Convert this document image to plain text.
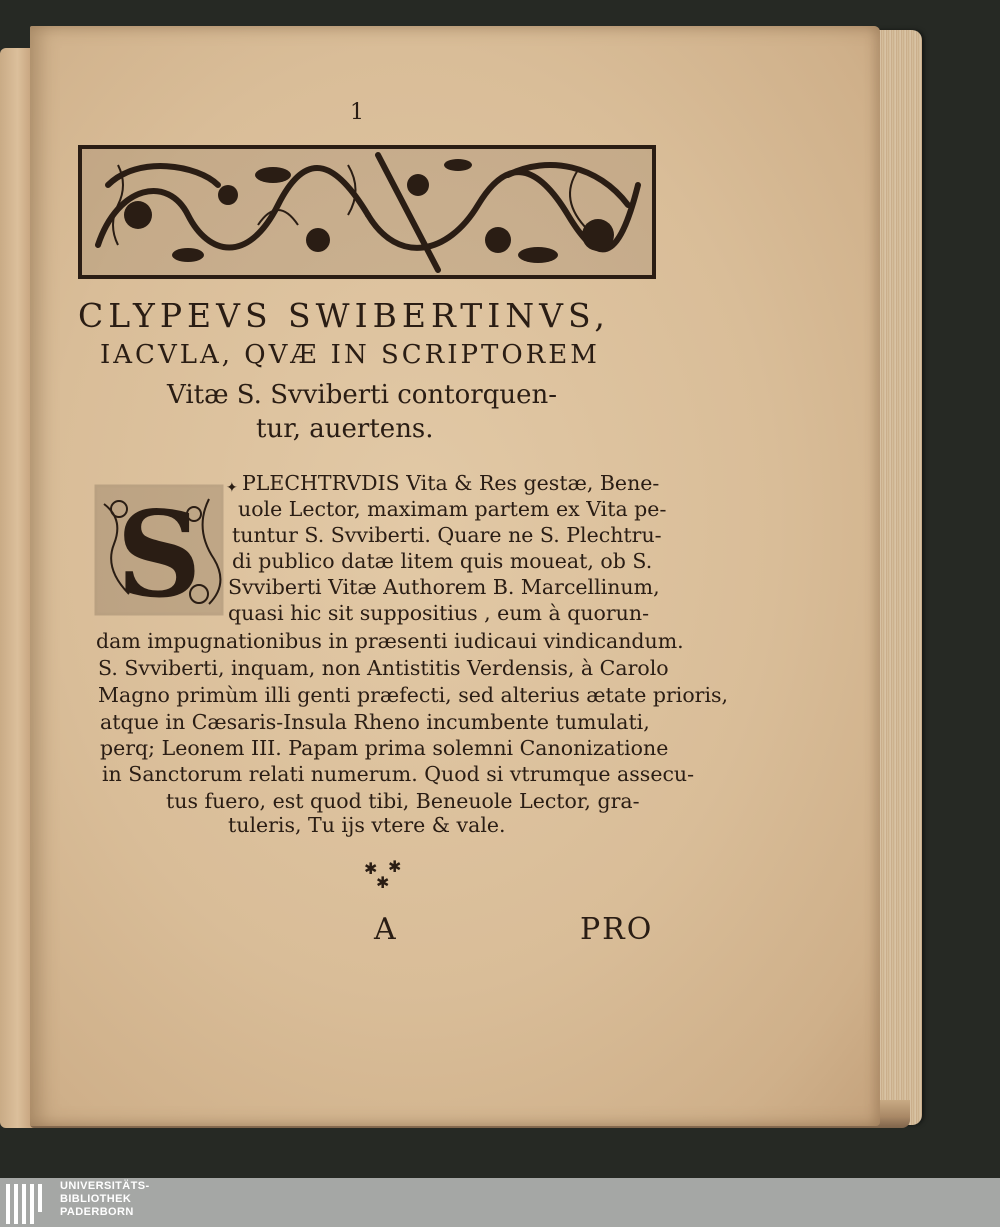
1
CLYPEVS SWIBERTINVS,
IACVLA, QVÆ IN SCRIPTOREM
Vitæ S. Svviberti contorquen-
tur, auertens.
S ✦ PLECHTRVDIS Vita & Res gestæ, Bene-
uole Lector, maximam partem ex Vita pe-
tuntur S. Svviberti. Quare ne S. Plechtru-
di publico datæ litem quis moueat, ob S.
Svviberti Vitæ Authorem B. Marcellinum,
quasi hic sit suppositius , eum à quorun-
dam impugnationibus in præsenti iudicaui vindicandum.
S. Svviberti, inquam, non Antistitis Verdensis, à Carolo
Magno primùm illi genti præfecti, sed alterius ætate prioris,
atque in Cæsaris-Insula Rheno incumbente tumulati,
perq; Leonem III. Papam prima solemni Canonizatione
in Sanctorum relati numerum. Quod si vtrumque assecu-
tus fuero, est quod tibi, Beneuole Lector, gra-
tuleris, Tu ijs vtere & vale.
✱ ✱
✱
A	PRO
UNIVERSITÄTS-
BIBLIOTHEK
PADERBORN
